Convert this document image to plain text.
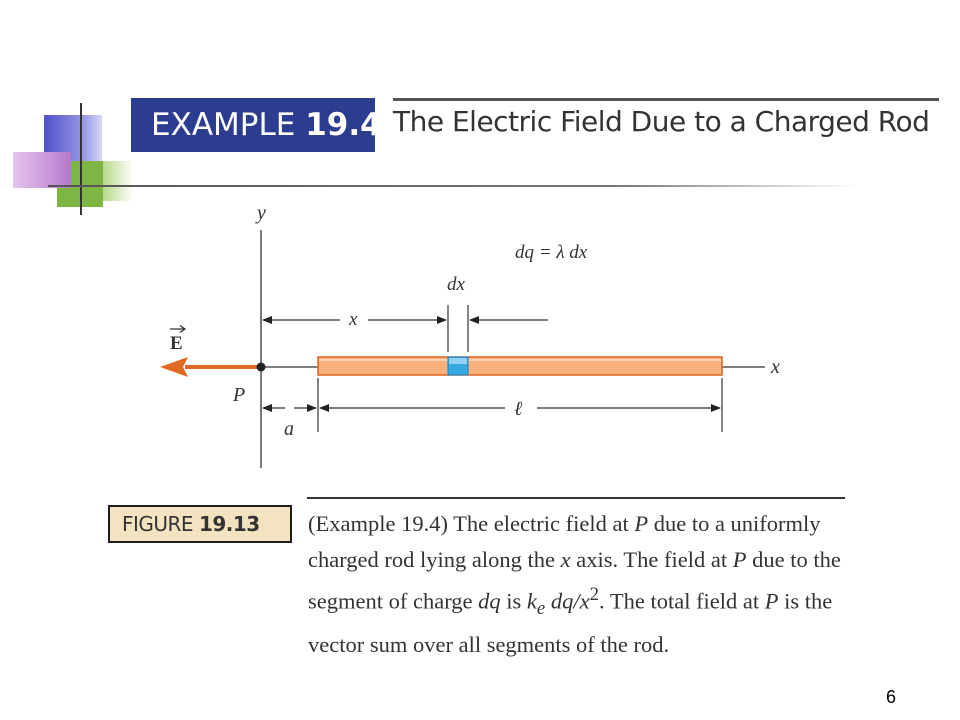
EXAMPLE 19.4 The Electric Field Due to a Charged Rod
y
x
dq = λ dx
dx
x
E
P
a
ℓ
FIGURE 19.13	(Example 19.4) The electric field at P due to a uniformly charged rod lying along the x axis. The field at P due to the segment of charge dq is $k_e$ $dq/x^2$. The total field at P is the vector sum over all segments of the rod.
6
